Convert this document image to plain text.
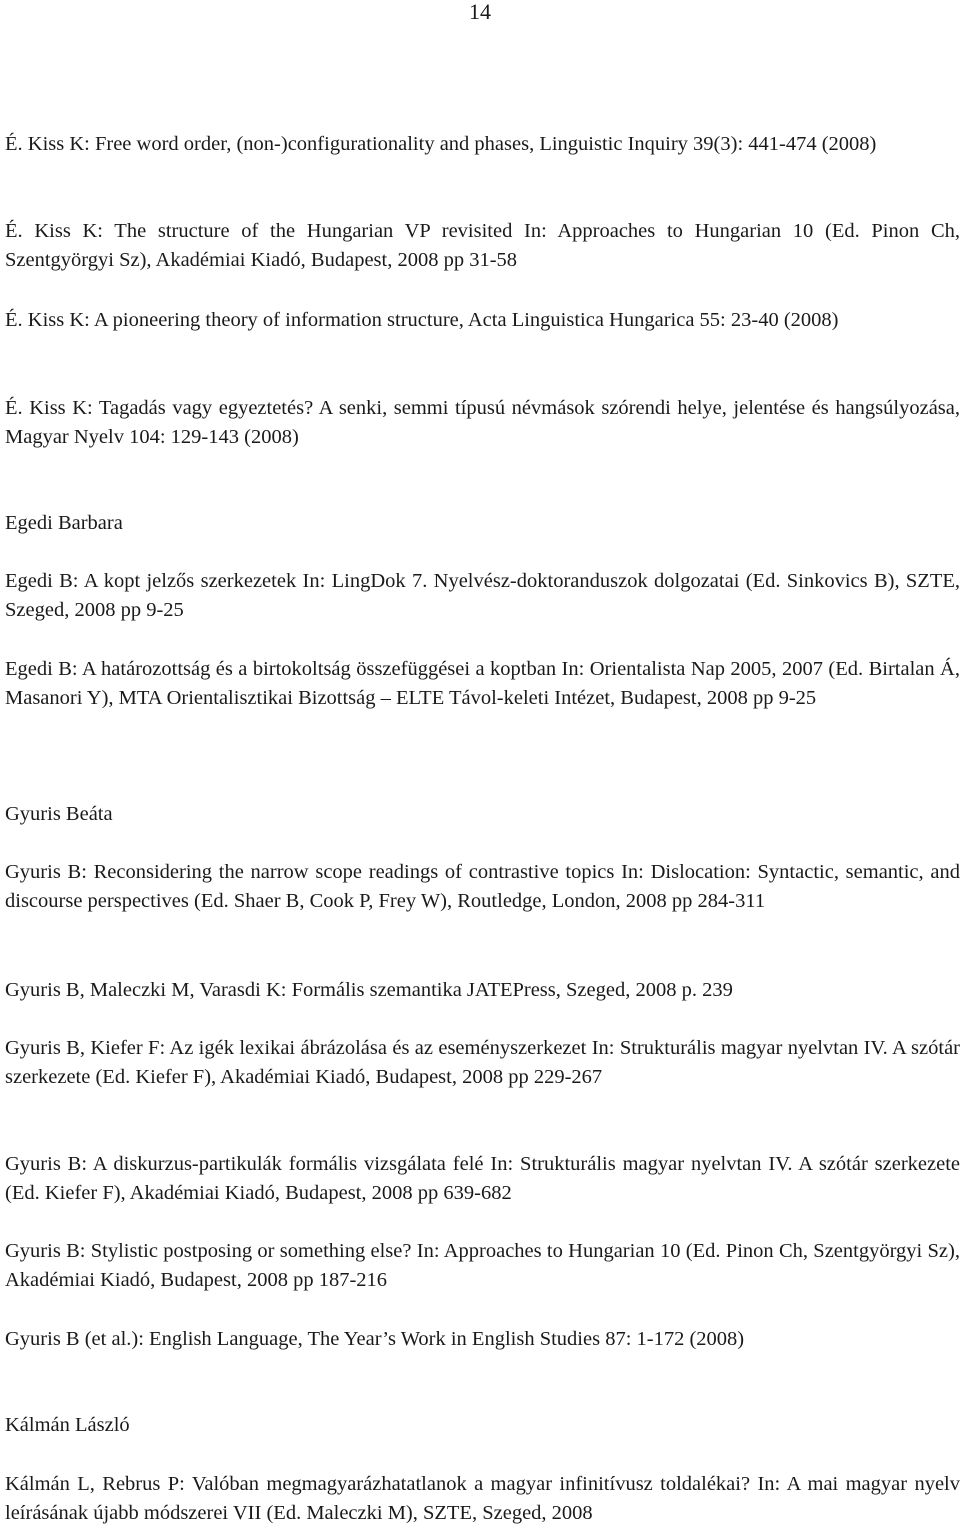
14

É. Kiss K: Free word order, (non-)configurationality and phases, Linguistic Inquiry 39(3): 441-474 (2008)

É. Kiss K: The structure of the Hungarian VP revisited In: Approaches to Hungarian 10 (Ed. Pinon Ch, Szentgyörgyi Sz), Akadémiai Kiadó, Budapest, 2008 pp 31-58

É. Kiss K: A pioneering theory of information structure, Acta Linguistica Hungarica 55: 23-40 (2008)

É. Kiss K: Tagadás vagy egyeztetés? A senki, semmi típusú névmások szórendi helye, jelentése és hangsúlyozása, Magyar Nyelv 104: 129-143 (2008)

Egedi Barbara

Egedi B: A kopt jelzős szerkezetek In: LingDok 7. Nyelvész-doktoranduszok dolgozatai (Ed. Sinkovics B), SZTE, Szeged, 2008 pp 9-25

Egedi B: A határozottság és a birtokoltság összefüggései a koptban In: Orientalista Nap 2005, 2007 (Ed. Birtalan Á, Masanori Y), MTA Orientalisztikai Bizottság – ELTE Távol-keleti Intézet, Budapest, 2008 pp 9-25

Gyuris Beáta

Gyuris B: Reconsidering the narrow scope readings of contrastive topics In: Dislocation: Syntactic, semantic, and discourse perspectives (Ed. Shaer B, Cook P, Frey W), Routledge, London, 2008 pp 284-311

Gyuris B, Maleczki M, Varasdi K: Formális szemantika JATEPress, Szeged, 2008 p. 239

Gyuris B, Kiefer F: Az igék lexikai ábrázolása és az eseményszerkezet In: Strukturális magyar nyelvtan IV. A szótár szerkezete (Ed. Kiefer F), Akadémiai Kiadó, Budapest, 2008 pp 229-267

Gyuris B: A diskurzus-partikulák formális vizsgálata felé In: Strukturális magyar nyelvtan IV. A szótár szerkezete (Ed. Kiefer F), Akadémiai Kiadó, Budapest, 2008 pp 639-682

Gyuris B: Stylistic postposing or something else? In: Approaches to Hungarian 10 (Ed. Pinon Ch, Szentgyörgyi Sz), Akadémiai Kiadó, Budapest, 2008 pp 187-216

Gyuris B (et al.): English Language, The Year’s Work in English Studies 87: 1-172 (2008)

Kálmán László

Kálmán L, Rebrus P: Valóban megmagyarázhatatlanok a magyar infinitívusz toldalékai? In: A mai magyar nyelv leírásának újabb módszerei VII (Ed. Maleczki M), SZTE, Szeged, 2008
